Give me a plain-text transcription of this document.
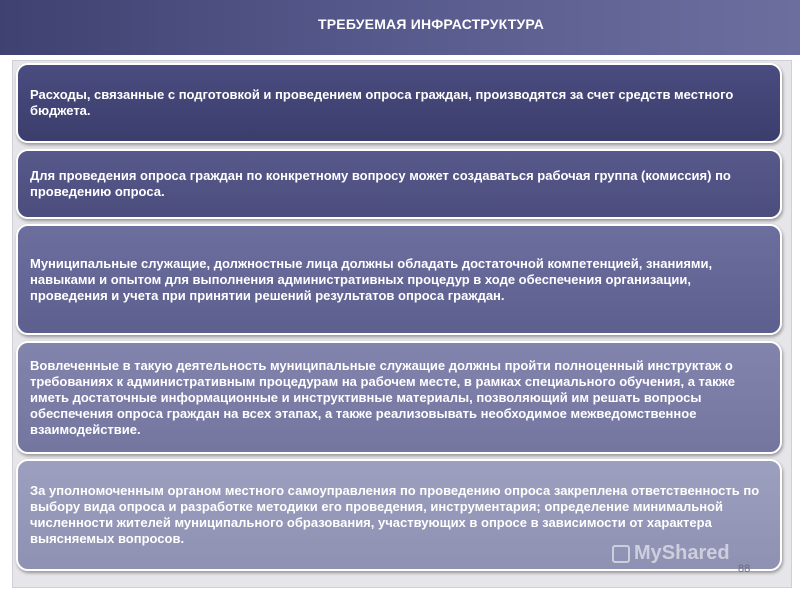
ТРЕБУЕМАЯ ИНФРАСТРУКТУРА
Расходы, связанные с подготовкой и проведением опроса граждан, производятся за счет средств местного бюджета.
Для проведения опроса граждан по конкретному вопросу может создаваться рабочая группа (комиссия) по проведению опроса.
Муниципальные служащие, должностные лица должны обладать достаточной компетенцией, знаниями, навыками и опытом для выполнения административных процедур в ходе обеспечения организации, проведения и учета при принятии решений результатов опроса граждан.
Вовлеченные в такую деятельность муниципальные служащие должны пройти полноценный инструктаж о требованиях к административным процедурам на рабочем месте, в рамках специального обучения, а также иметь достаточные информационные и инструктивные материалы, позволяющий им решать вопросы обеспечения опроса граждан на всех этапах, а также реализовывать необходимое межведомственное взаимодействие.
За уполномоченным органом местного самоуправления по проведению опроса закреплена ответственность по выбору вида опроса и разработке методики его проведения, инструментария; определение минимальной численности жителей муниципального образования, участвующих в опросе в зависимости от характера выясняемых вопросов.
MyShared
88
